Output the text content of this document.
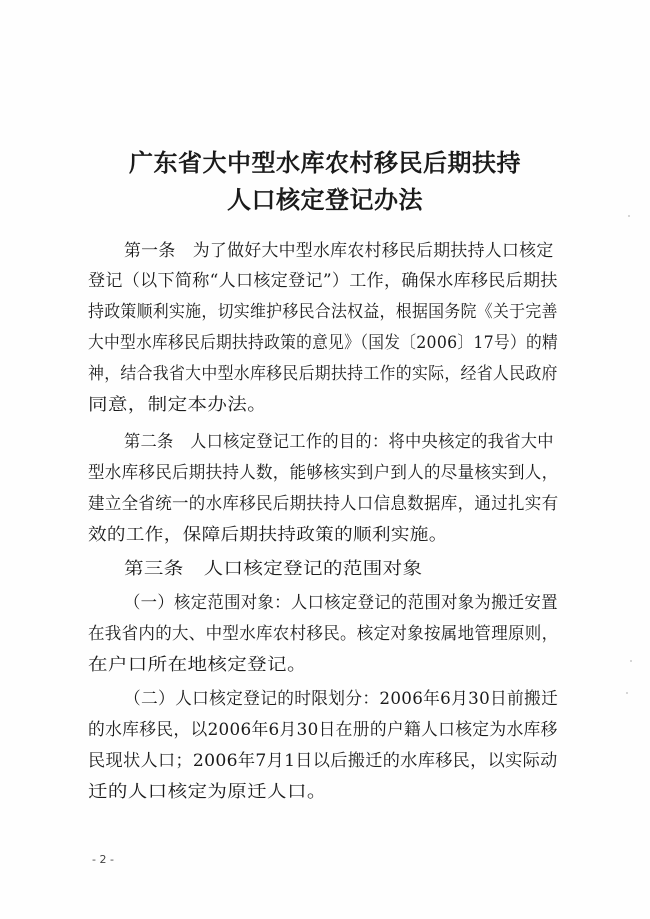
广东省大中型水库农村移民后期扶持
人口核定登记办法
第一条　为了做好大中型水库农村移民后期扶持人口核定
登记（以下简称“人口核定登记”）工作，确保水库移民后期扶
持政策顺利实施，切实维护移民合法权益，根据国务院《关于完善
大中型水库移民后期扶持政策的意见》（国发〔2006〕17号）的精
神，结合我省大中型水库移民后期扶持工作的实际，经省人民政府
同意，制定本办法。
第二条　人口核定登记工作的目的：将中央核定的我省大中
型水库移民后期扶持人数，能够核实到户到人的尽量核实到人，
建立全省统一的水库移民后期扶持人口信息数据库，通过扎实有
效的工作，保障后期扶持政策的顺利实施。
第三条　人口核定登记的范围对象
（一）核定范围对象：人口核定登记的范围对象为搬迁安置
在我省内的大、中型水库农村移民。核定对象按属地管理原则，
在户口所在地核定登记。
（二）人口核定登记的时限划分：2006年6月30日前搬迁
的水库移民，以2006年6月30日在册的户籍人口核定为水库移
民现状人口；2006年7月1日以后搬迁的水库移民，以实际动
迁的人口核定为原迁人口。
- 2 -
